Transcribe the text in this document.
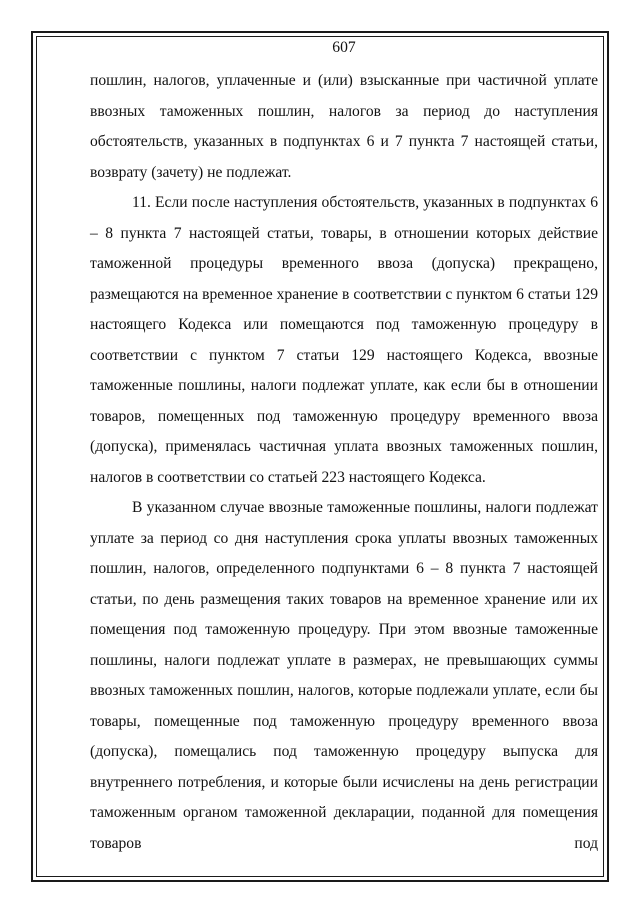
607

пошлин, налогов, уплаченные и (или) взысканные при частичной уплате ввозных таможенных пошлин, налогов за период до наступления обстоятельств, указанных в подпунктах 6 и 7 пункта 7 настоящей статьи, возврату (зачету) не подлежат.

11. Если после наступления обстоятельств, указанных в подпунктах 6 – 8 пункта 7 настоящей статьи, товары, в отношении которых действие таможенной процедуры временного ввоза (допуска) прекращено, размещаются на временное хранение в соответствии с пунктом 6 статьи 129 настоящего Кодекса или помещаются под таможенную процедуру в соответствии с пунктом 7 статьи 129 настоящего Кодекса, ввозные таможенные пошлины, налоги подлежат уплате, как если бы в отношении товаров, помещенных под таможенную процедуру временного ввоза (допуска), применялась частичная уплата ввозных таможенных пошлин, налогов в соответствии со статьей 223 настоящего Кодекса.

В указанном случае ввозные таможенные пошлины, налоги подлежат уплате за период со дня наступления срока уплаты ввозных таможенных пошлин, налогов, определенного подпунктами 6 – 8 пункта 7 настоящей статьи, по день размещения таких товаров на временное хранение или их помещения под таможенную процедуру. При этом ввозные таможенные пошлины, налоги подлежат уплате в размерах, не превышающих суммы ввозных таможенных пошлин, налогов, которые подлежали уплате, если бы товары, помещенные под таможенную процедуру временного ввоза (допуска), помещались под таможенную процедуру выпуска для внутреннего потребления, и которые были исчислены на день регистрации таможенным органом таможенной декларации, поданной для помещения товаров под
